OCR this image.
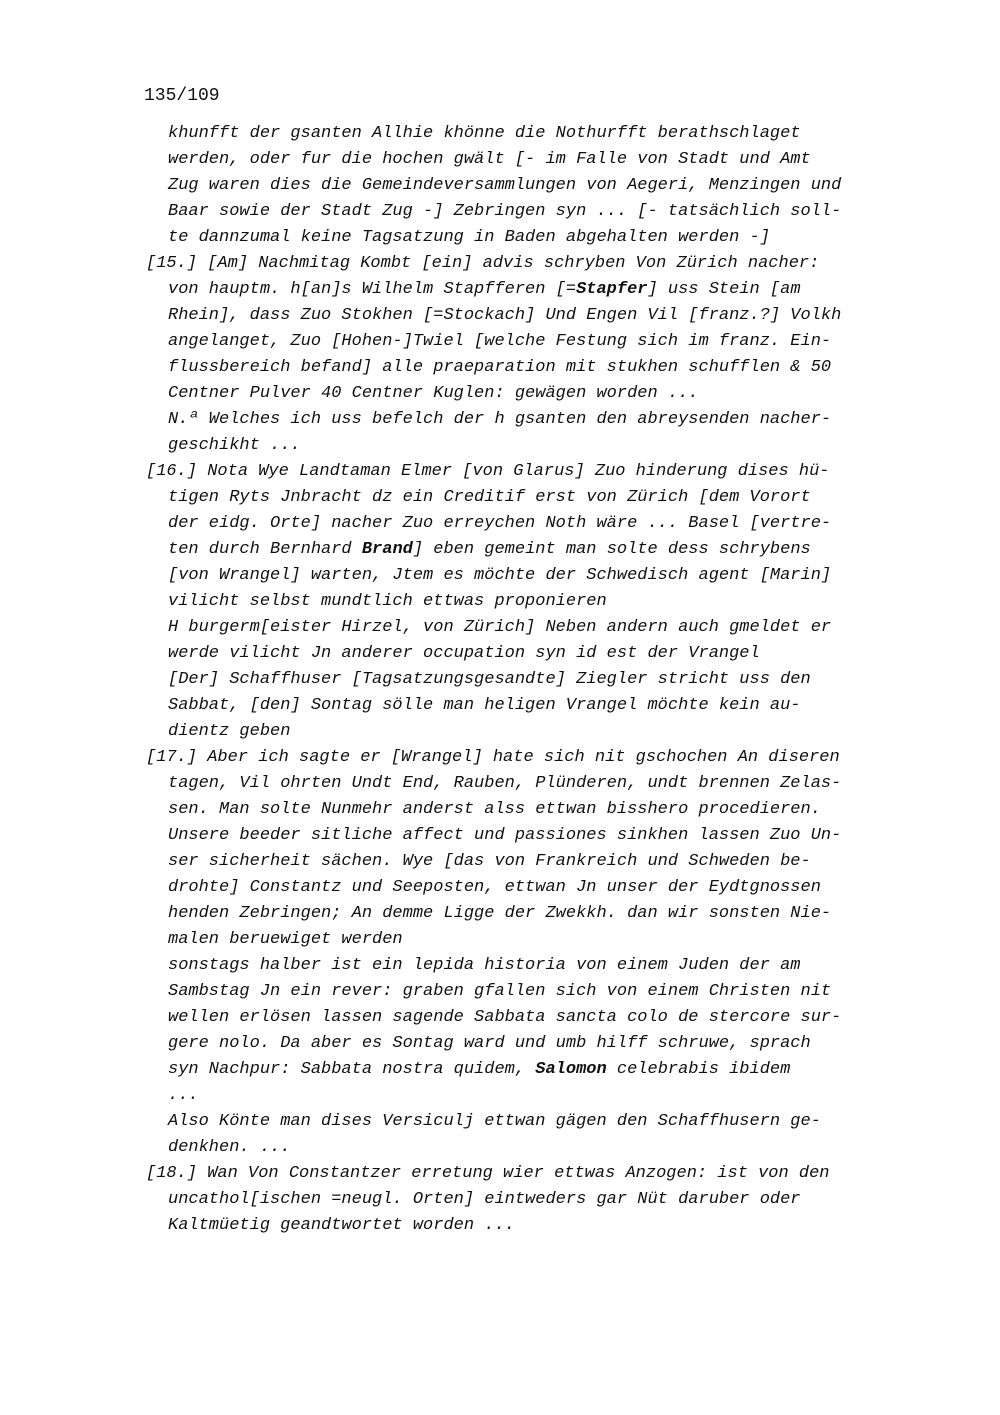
135/109
khunfft der gsanten Allhie khönne die Nothurfft berathschlaget
werden, oder fur die hochen gwält [- im Falle von Stadt und Amt
Zug waren dies die Gemeindeversammlungen von Aegeri, Menzingen und
Baar sowie der Stadt Zug -] Zebringen syn ... [- tatsächlich soll-
te dannzumal keine Tagsatzung in Baden abgehalten werden -]
[15.] [Am] Nachmitag Kombt [ein] advis schryben Von Zürich nacher:
von hauptm. h[an]s Wilhelm Stapfferen [=Stapfer] uss Stein [am
Rhein], dass Zuo Stokhen [=Stockach] Und Engen Vil [franz.?] Volkh
angelanget, Zuo [Hohen-]Twiel [welche Festung sich im franz. Ein-
flussbereich befand] alle praeparation mit stukhen schufflen & 50
Centner Pulver 40 Centner Kuglen: gewägen worden ...
N.ª Welches ich uss befelch der h gsanten den abreysenden nacher-
geschikht ...
[16.] Nota Wye Landtaman Elmer [von Glarus] Zuo hinderung dises hü-
tigen Ryts Jnbracht dz ein Creditif erst von Zürich [dem Vorort
der eidg. Orte] nacher Zuo erreychen Noth wäre ... Basel [vertre-
ten durch Bernhard Brand] eben gemeint man solte dess schrybens
[von Wrangel] warten, Jtem es möchte der Schwedisch agent [Marin]
vilicht selbst mundtlich ettwas proponieren
H burgerm[eister Hirzel, von Zürich] Neben andern auch gmeldet er
werde vilicht Jn anderer occupation syn id est der Vrangel
[Der] Schaffhuser [Tagsatzungsgesandte] Ziegler stricht uss den
Sabbat, [den] Sontag sölle man heligen Vrangel möchte kein au-
dientz geben
[17.] Aber ich sagte er [Wrangel] hate sich nit gschochen An diseren
tagen, Vil ohrten Undt End, Rauben, Plünderen, undt brennen Zelas-
sen. Man solte Nunmehr anderst alss ettwan bisshero procedieren.
Unsere beeder sitliche affect und passiones sinkhen lassen Zuo Un-
ser sicherheit sächen. Wye [das von Frankreich und Schweden be-
drohte] Constantz und Seeposten, ettwan Jn unser der Eydtgnossen
henden Zebringen; An demme Ligge der Zwekkh. dan wir sonsten Nie-
malen beruewiget werden
sonstags halber ist ein lepida historia von einem Juden der am
Sambstag Jn ein rever: graben gfallen sich von einem Christen nit
wellen erlösen lassen sagende Sabbata sancta colo de stercore sur-
gere nolo. Da aber es Sontag ward und umb hilff schruwe, sprach
syn Nachpur: Sabbata nostra quidem, Salomon celebrabis ibidem
...
Also Könte man dises Versiculj ettwan gägen den Schaffhusern ge-
denkhen. ...
[18.] Wan Von Constantzer erretung wier ettwas Anzogen: ist von den
uncathol[ischen =neugl. Orten] eintweders gar Nüt daruber oder
Kaltmüetig geandtwortet worden ...
